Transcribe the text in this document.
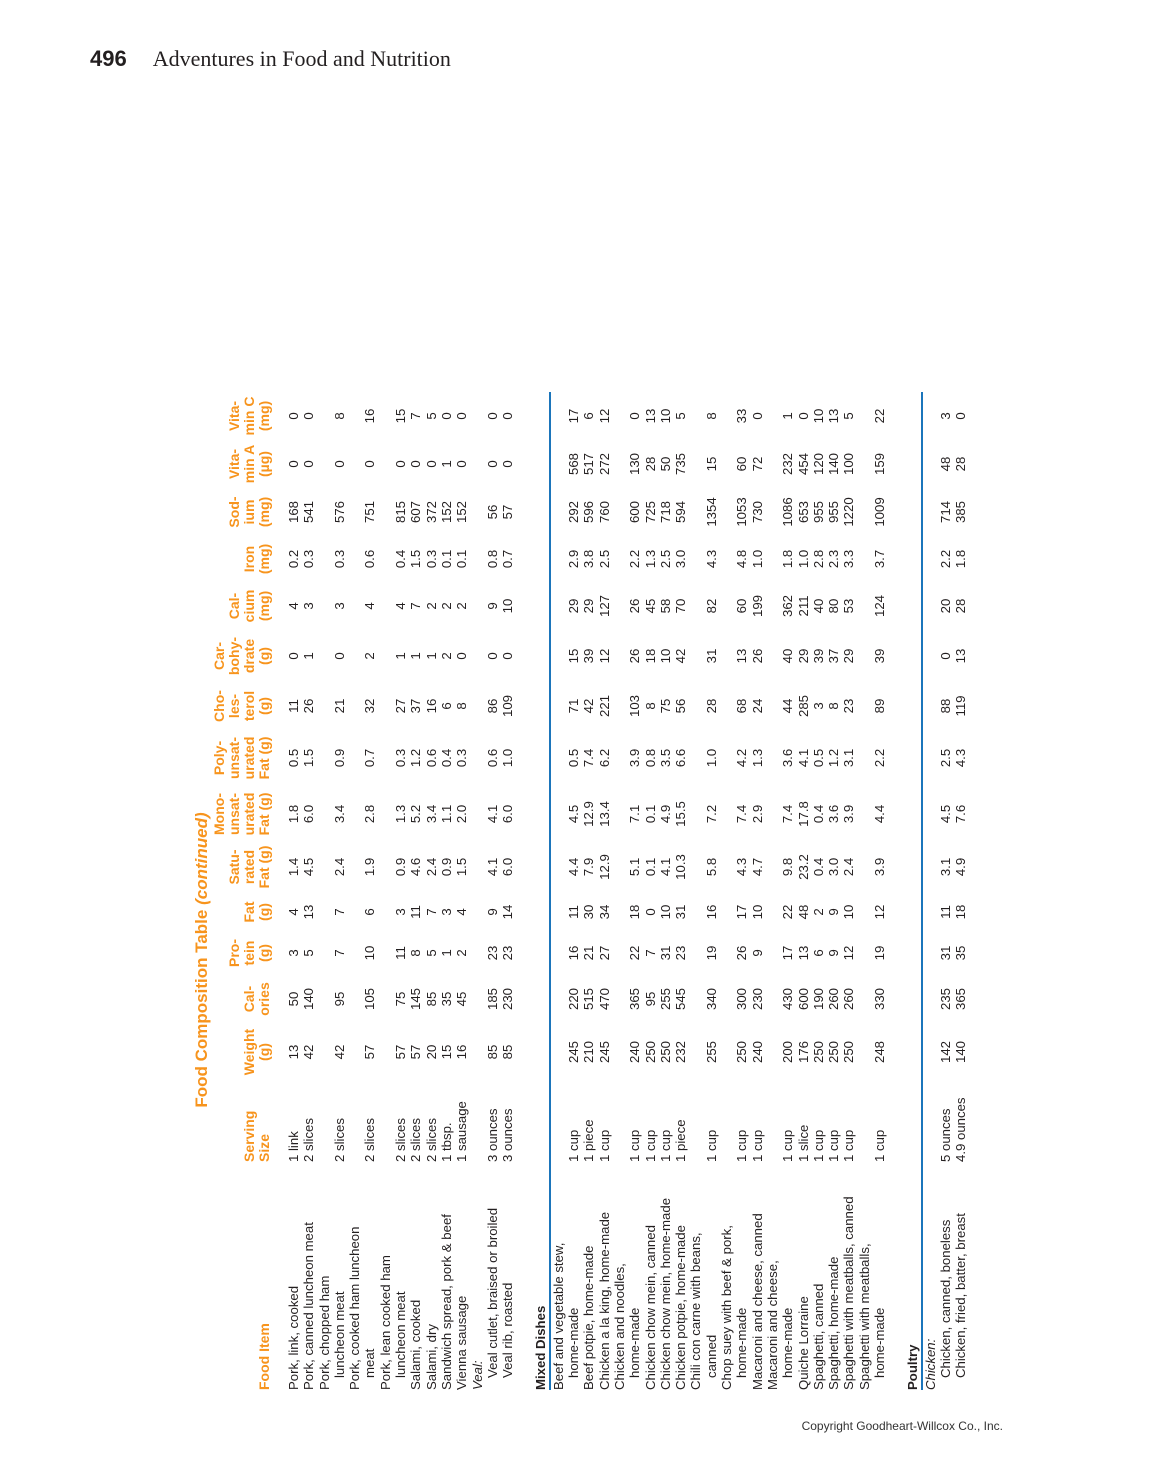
496 Adventures in Food and Nutrition
Food Composition Table (continued)
Food Item	Serving Size	Weight (g)	Cal- ories	Pro- tein (g)	Fat (g)	Satu- rated Fat (g)	Mono- unsat- urated Fat (g)	Poly- unsat- urated Fat (g)	Cho- les- terol (g)	Car- bohy- drate (g)	Cal- cium (mg)	Iron (mg)	Sod- ium (mg)	Vita- min A (µg)	Vita- min C (mg)
Pork, link, cooked	1 link	13	50	3	4	1.4	1.8	0.5	11	0	4	0.2	168	0	0
Pork, canned luncheon meat	2 slices	42	140	5	13	4.5	6.0	1.5	26	1	3	0.3	541	0	0
Pork, chopped ham															
luncheon meat	2 slices	42	95	7	7	2.4	3.4	0.9	21	0	3	0.3	576	0	8
Pork, cooked ham luncheon															
meat	2 slices	57	105	10	6	1.9	2.8	0.7	32	2	4	0.6	751	0	16
Pork, lean cooked ham															
luncheon meat	2 slices	57	75	11	3	0.9	1.3	0.3	27	1	4	0.4	815	0	15
Salami, cooked	2 slices	57	145	8	11	4.6	5.2	1.2	37	1	7	1.5	607	0	7
Salami, dry	2 slices	20	85	5	7	2.4	3.4	0.6	16	1	2	0.3	372	0	5
Sandwich spread, pork & beef	1 tbsp.	15	35	1	3	0.9	1.1	0.4	6	2	2	0.1	152	1	0
Vienna sausage	1 sausage	16	45	2	4	1.5	2.0	0.3	8	0	2	0.1	152	0	0
Veal:															
Veal cutlet, braised or broiled	3 ounces	85	185	23	9	4.1	4.1	0.6	86	0	9	0.8	56	0	0
Veal rib, roasted	3 ounces	85	230	23	14	6.0	6.0	1.0	109	0	10	0.7	57	0	0

Mixed Dishes															
Beef and vegetable stew,															
home-made	1 cup	245	220	16	11	4.4	4.5	0.5	71	15	29	2.9	292	568	17
Beef potpie, home-made	1 piece	210	515	21	30	7.9	12.9	7.4	42	39	29	3.8	596	517	6
Chicken a la king, home-made	1 cup	245	470	27	34	12.9	13.4	6.2	221	12	127	2.5	760	272	12
Chicken and noodles,															
home-made	1 cup	240	365	22	18	5.1	7.1	3.9	103	26	26	2.2	600	130	0
Chicken chow mein, canned	1 cup	250	95	7	0	0.1	0.1	0.8	8	18	45	1.3	725	28	13
Chicken chow mein, home-made	1 cup	250	255	31	10	4.1	4.9	3.5	75	10	58	2.5	718	50	10
Chicken potpie, home-made	1 piece	232	545	23	31	10.3	15.5	6.6	56	42	70	3.0	594	735	5
Chili con carne with beans,															
canned	1 cup	255	340	19	16	5.8	7.2	1.0	28	31	82	4.3	1354	15	8
Chop suey with beef & pork,															
home-made	1 cup	250	300	26	17	4.3	7.4	4.2	68	13	60	4.8	1053	60	33
Macaroni and cheese, canned	1 cup	240	230	9	10	4.7	2.9	1.3	24	26	199	1.0	730	72	0
Macaroni and cheese,															
home-made	1 cup	200	430	17	22	9.8	7.4	3.6	44	40	362	1.8	1086	232	1
Quiche Lorraine	1 slice	176	600	13	48	23.2	17.8	4.1	285	29	211	1.0	653	454	0
Spaghetti, canned	1 cup	250	190	6	2	0.4	0.4	0.5	3	39	40	2.8	955	120	10
Spaghetti, home-made	1 cup	250	260	9	9	3.0	3.6	1.2	8	37	80	2.3	955	140	13
Spaghetti with meatballs, canned	1 cup	250	260	12	10	2.4	3.9	3.1	23	29	53	3.3	1220	100	5
Spaghetti with meatballs,															
home-made	1 cup	248	330	19	12	3.9	4.4	2.2	89	39	124	3.7	1009	159	22

Poultry															
Chicken:															
Chicken, canned, boneless	5 ounces	142	235	31	11	3.1	4.5	2.5	88	0	20	2.2	714	48	3
Chicken, fried, batter, breast	4.9 ounces	140	365	35	18	4.9	7.6	4.3	119	13	28	1.8	385	28	0
Copyright Goodheart-Willcox Co., Inc.
